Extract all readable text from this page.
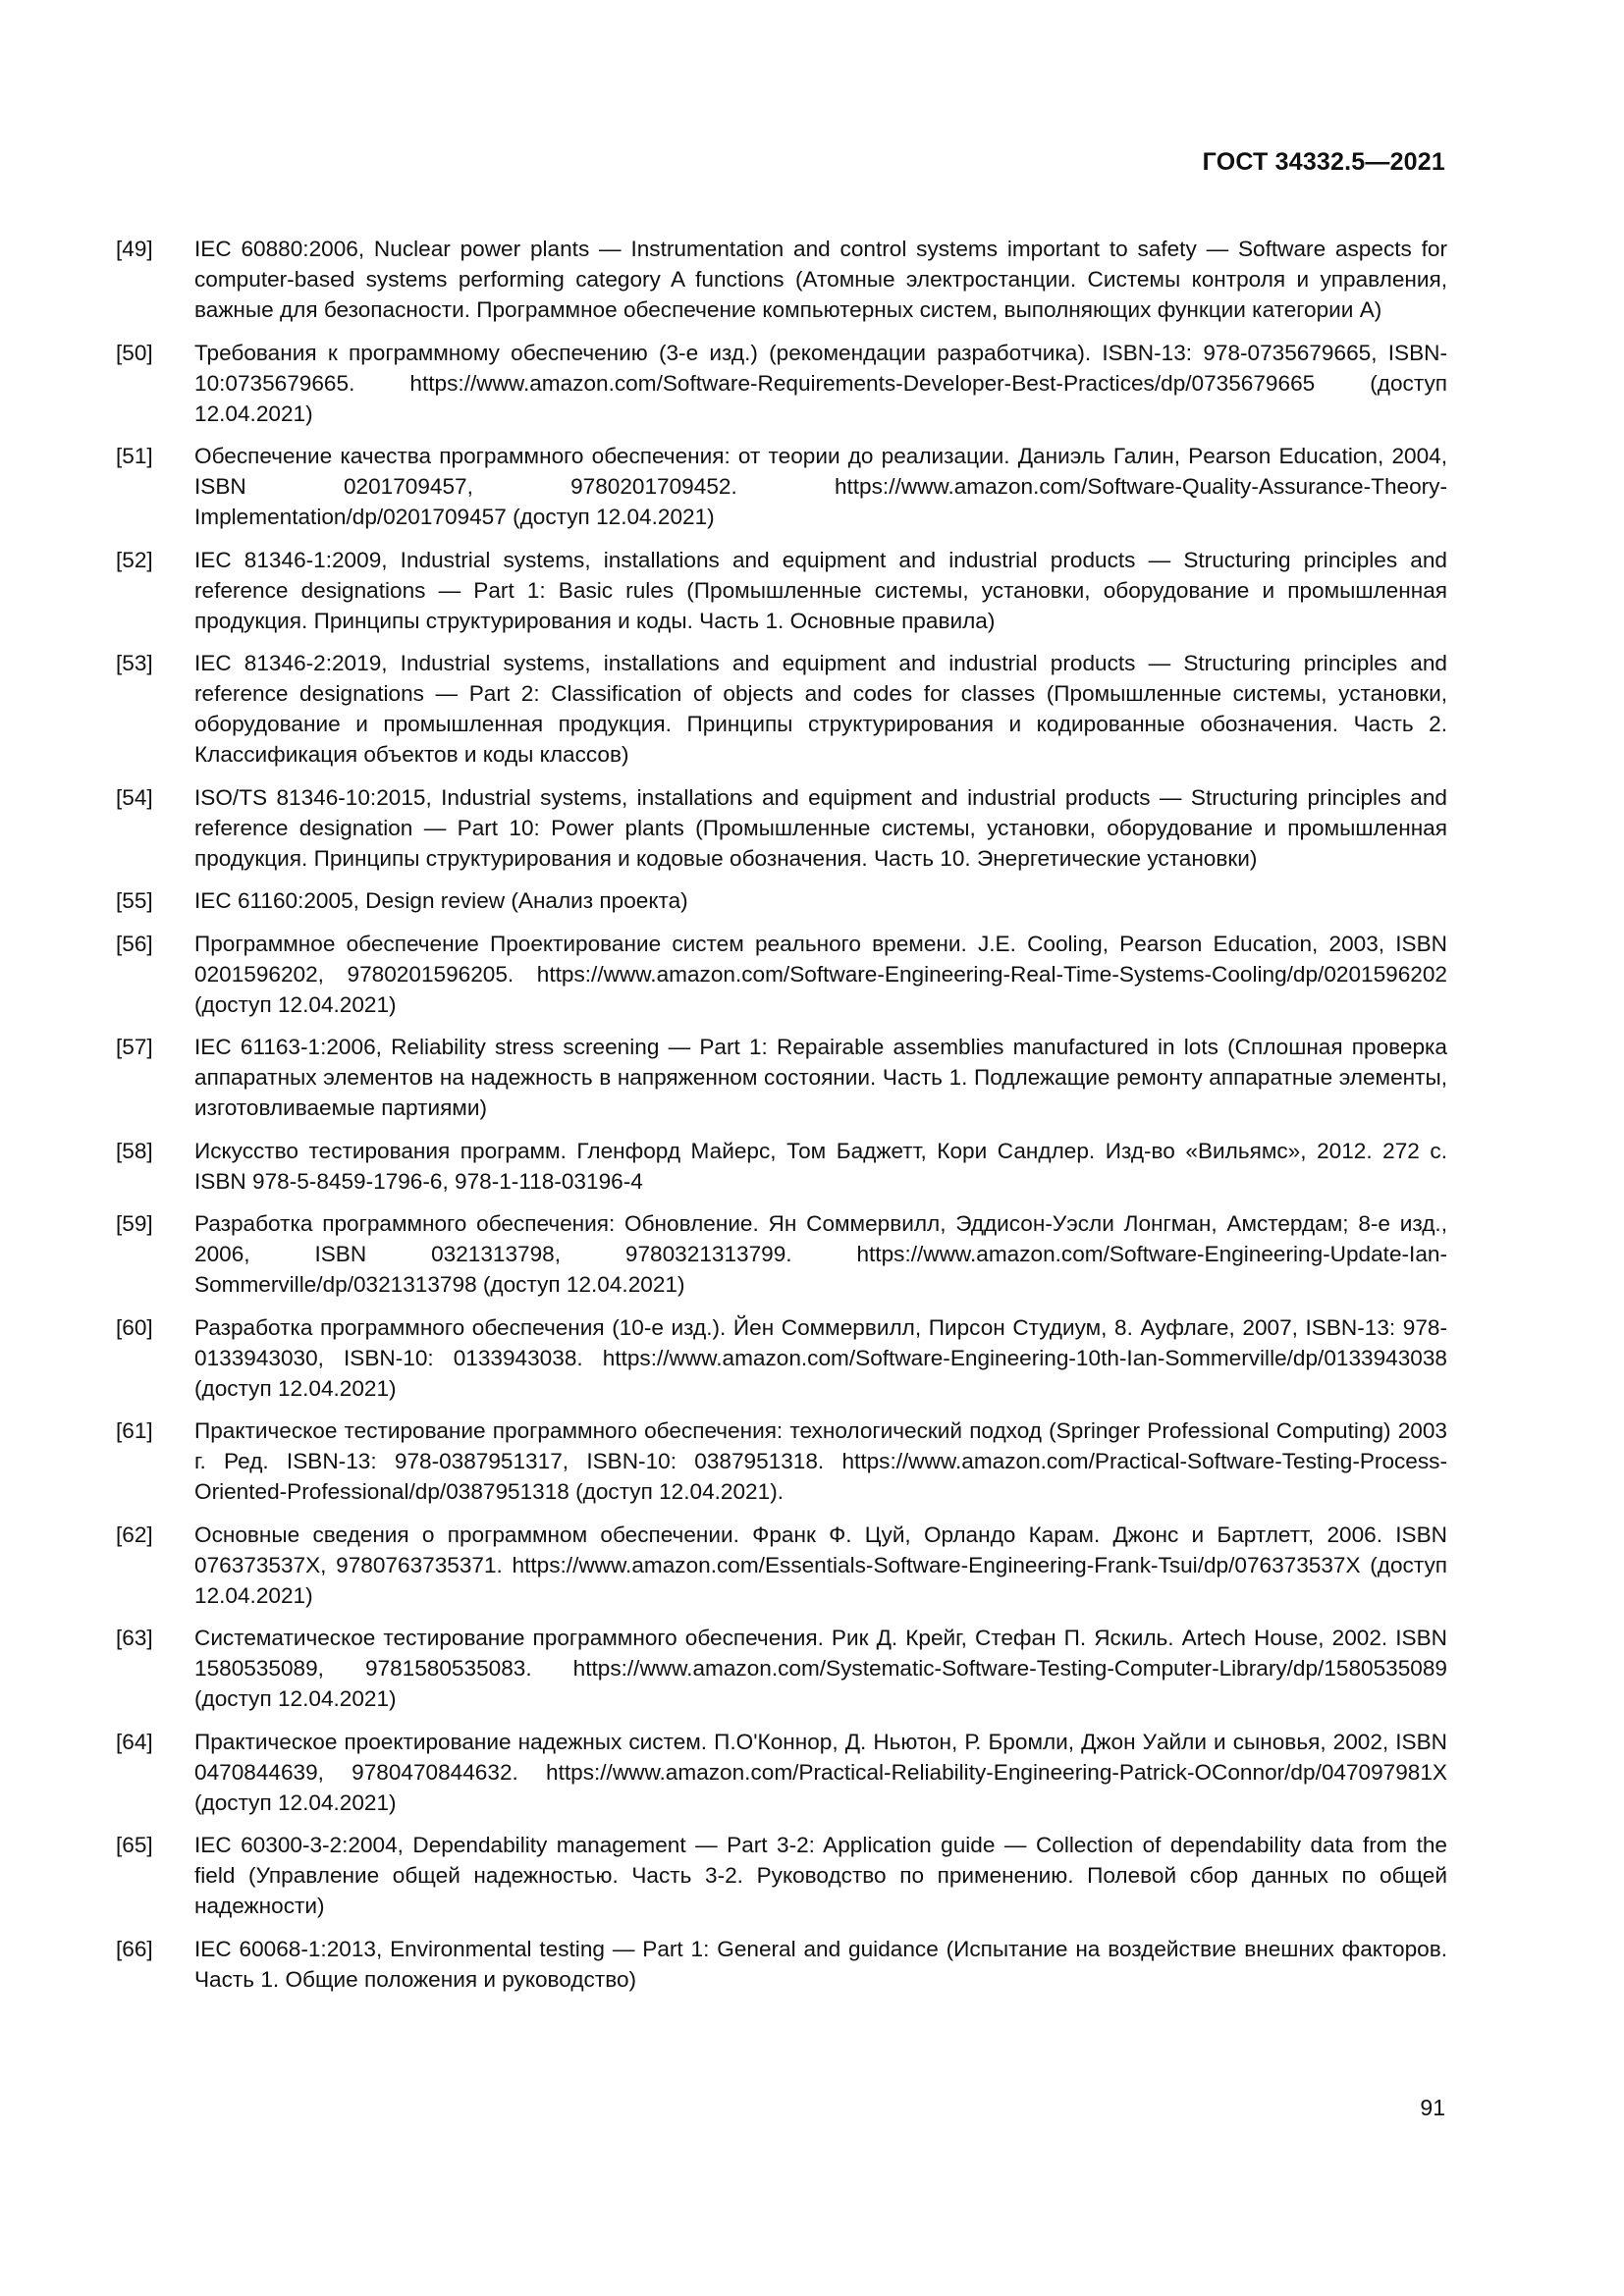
ГОСТ 34332.5—2021
[49]	IEC 60880:2006, Nuclear power plants — Instrumentation and control systems important to safety — Software aspects for computer-based systems performing category A functions (Атомные электростанции. Системы контроля и управления, важные для безопасности. Программное обеспечение компьютерных систем, выполняющих функции категории A)
[50]	Требования к программному обеспечению (3-е изд.) (рекомендации разработчика). ISBN-13: 978-​0735679665, ISBN-10:0735679665. https://​www.amazon.com/​Software-Requirements-Developer-Best-Practices/​dp/0735679665 (доступ 12.04.2021)
[51]	Обеспечение качества программного обеспечения: от теории до реализации. Даниэль Галин, Pearson Education, 2004, ISBN 0201709457, 9780201709452. https://​www.amazon.com/​Software-Quality-Assurance-Theory-Implementation/dp/0201709457 (доступ 12.04.2021)
[52]	IEC 81346-1:2009, Industrial systems, installations and equipment and industrial products — Structuring principles and reference designations — Part 1: Basic rules (Промышленные системы, установки, оборудование и промышленная продукция. Принципы структурирования и коды. Часть 1. Основные правила)
[53]	IEC 81346-2:2019, Industrial systems, installations and equipment and industrial products — Structuring principles and reference designations — Part 2: Classification of objects and codes for classes (Промышленные системы, установки, оборудование и промышленная продукция. Принципы структурирования и кодированные обозначения. Часть 2. Классификация объектов и коды классов)
[54]	ISO/TS 81346-10:2015, Industrial systems, installations and equipment and industrial products — Structuring principles and reference designation — Part 10: Power plants (Промышленные системы, установки, оборудование и промышленная продукция. Принципы структурирования и кодовые обозначения. Часть 10. Энергетические установки)
[55]	IEC 61160:2005, Design review (Анализ проекта)
[56]	Программное обеспечение Проектирование систем реального времени. J.E. Cooling, Pearson Education, 2003, ISBN 0201596202, 9780201596205. https://​www.amazon.com/​Software-Engineering-Real-Time-Systems-Cooling/dp/0201596202 (доступ 12.04.2021)
[57]	IEC 61163-1:2006, Reliability stress screening — Part 1: Repairable assemblies manufactured in lots (Сплошная проверка аппаратных элементов на надежность в напряженном состоянии. Часть 1. Подлежащие ремонту аппаратные элементы, изготовливаемые партиями)
[58]	Искусство тестирования программ. Гленфорд Майерс, Том Баджетт, Кори Сандлер. Изд-во «Вильямс», 2012. 272 с. ISBN 978-5-8459-1796-6, 978-1-118-03196-4
[59]	Разработка программного обеспечения: Обновление. Ян Соммервилл, Эддисон-Уэсли Лонгман, Амстердам; 8-е изд., 2006, ISBN 0321313798, 9780321313799. https://​www.amazon.com/​Software-Engineering-Update-Ian-​Sommerville/dp/0321313798 (доступ 12.04.2021)
[60]	Разработка программного обеспечения (10-е изд.). Йен Соммервилл, Пирсон Студиум, 8. Ауфлаге, 2007, ISBN-13: 978-0133943030, ISBN-10: 0133943038. https://​www.amazon.com/​Software-Engineering-10th-Ian-​Sommerville/dp/0133943038 (доступ 12.04.2021)
[61]	Практическое тестирование программного обеспечения: технологический подход (Springer Professional Computing) 2003 г. Ред. ISBN-13: 978-0387951317, ISBN-10: 0387951318. https://​www.amazon.com/​Practical-​Software-Testing-Process-Oriented-Professional/dp/0387951318 (доступ 12.04.2021).
[62]	Основные сведения о программном обеспечении. Франк Ф. Цуй, Орландо Карам. Джонс и Бартлетт, 2006. ISBN 076373537X, 9780763735371. https://​www.amazon.com/​Essentials-Software-Engineering-Frank-Tsui/​dp/076373537X (доступ 12.04.2021)
[63]	Систематическое тестирование программного обеспечения. Рик Д. Крейг, Стефан П. Яскиль. Artech House, 2002. ISBN 1580535089, 9781580535083. https://​www.amazon.com/​Systematic-Software-Testing-Computer-Library/dp/1580535089 (доступ 12.04.2021)
[64]	Практическое проектирование надежных систем. П.О'Коннор, Д. Ньютон, Р. Бромли, Джон Уайли и сыновья, 2002, ISBN 0470844639, 9780470844632. https://​www.amazon.com/​Practical-Reliability-Engineering-Patrick-​OConnor/dp/047097981X (доступ 12.04.2021)
[65]	IEC 60300-3-2:2004, Dependability management — Part 3-2: Application guide — Collection of dependability data from the field (Управление общей надежностью. Часть 3-2. Руководство по применению. Полевой сбор данных по общей надежности)
[66]	IEC 60068-1:2013, Environmental testing — Part 1: General and guidance (Испытание на воздействие внешних факторов. Часть 1. Общие положения и руководство)
91
